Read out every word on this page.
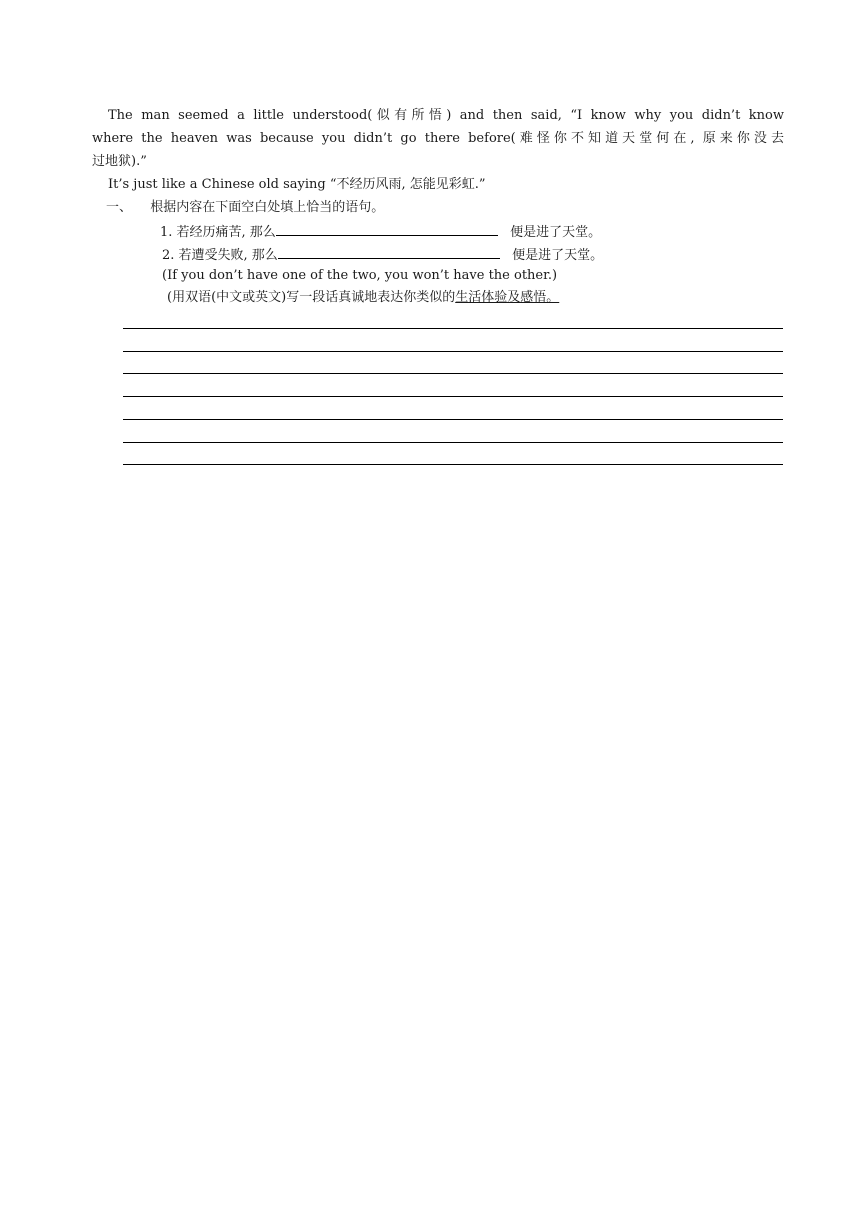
The man seemed a little understood(似有所悟) and then said, “I know why you didn’t know
where the heaven was because you didn’t go there before(难怪你不知道天堂何在, 原来你没去
过地狱).”
It’s just like a Chinese old saying “不经历风雨, 怎能见彩虹.”
一、 根据内容在下面空白处填上恰当的语句。
1. 若经历痛苦, 那么	便是进了天堂。
2. 若遭受失败, 那么	便是进了天堂。
(If you don’t have one of the two, you won’t have the other.)
(用双语(中文或英文)写一段话真诚地表达你类似的生活体验及感悟。
